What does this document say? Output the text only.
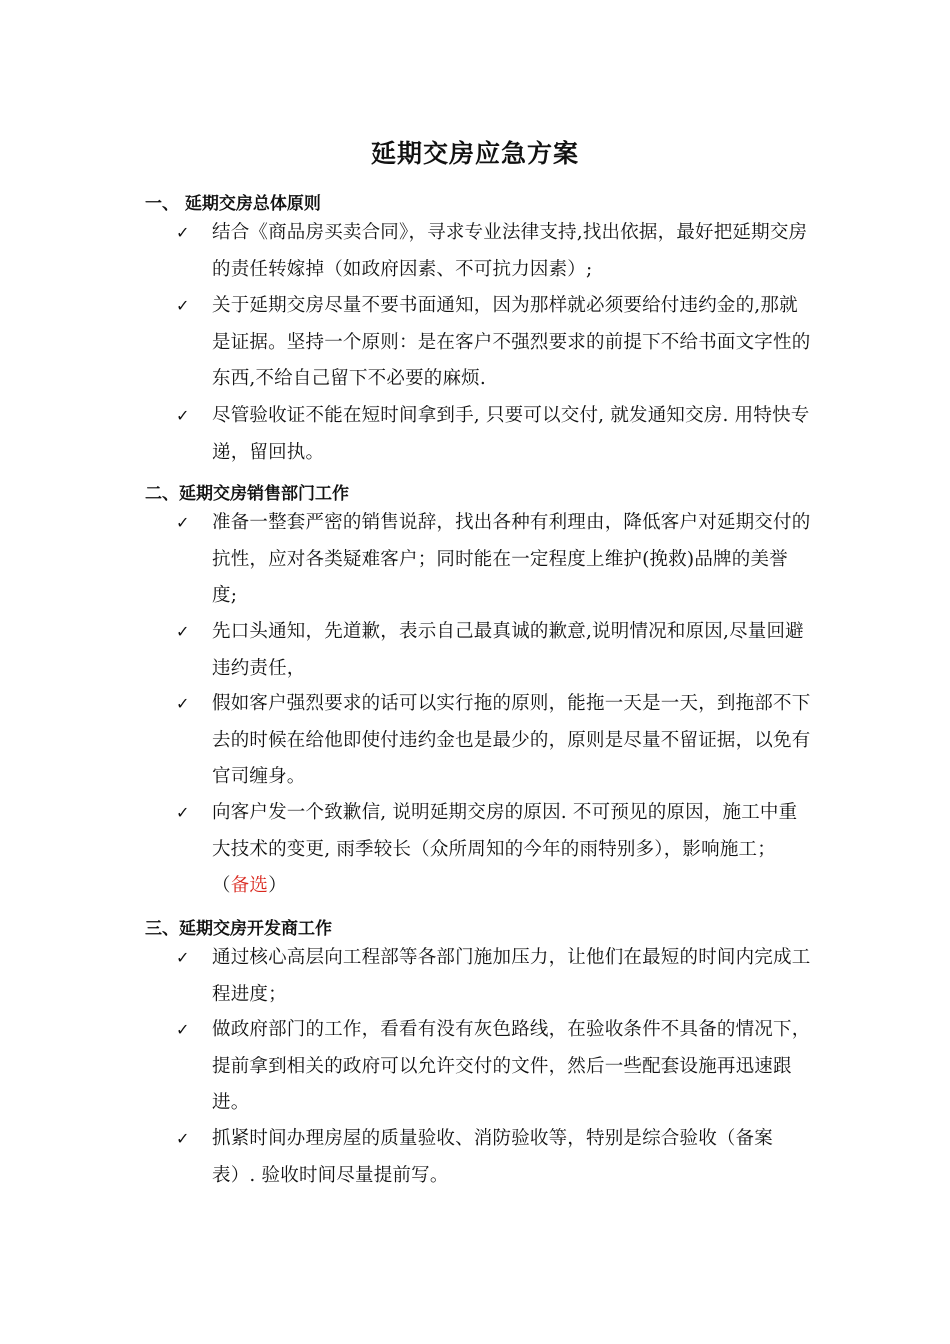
延期交房应急方案
一、 延期交房总体原则
✓ 结合《商品房买卖合同》，寻求专业法律支持,找出依据，最好把延期交房的责任转嫁掉（如政府因素、不可抗力因素）;
✓ 关于延期交房尽量不要书面通知，因为那样就必须要给付违约金的,那就是证据。坚持一个原则：是在客户不强烈要求的前提下不给书面文字性的东西,不给自己留下不必要的麻烦.
✓ 尽管验收证不能在短时间拿到手, 只要可以交付, 就发通知交房. 用特快专递，留回执。
二、延期交房销售部门工作
✓ 准备一整套严密的销售说辞，找出各种有利理由，降低客户对延期交付的抗性，应对各类疑难客户；同时能在一定程度上维护(挽救)品牌的美誉度;
✓ 先口头通知，先道歉，表示自己最真诚的歉意,说明情况和原因,尽量回避违约责任，
✓ 假如客户强烈要求的话可以实行拖的原则，能拖一天是一天，到拖部不下去的时候在给他即使付违约金也是最少的，原则是尽量不留证据，以免有官司缠身。
✓ 向客户发一个致歉信, 说明延期交房的原因. 不可预见的原因，施工中重大技术的变更, 雨季较长（众所周知的今年的雨特别多），影响施工；
（备选）
三、延期交房开发商工作
✓ 通过核心高层向工程部等各部门施加压力，让他们在最短的时间内完成工程进度；
✓ 做政府部门的工作，看看有没有灰色路线，在验收条件不具备的情况下，提前拿到相关的政府可以允许交付的文件，然后一些配套设施再迅速跟进。
✓ 抓紧时间办理房屋的质量验收、消防验收等，特别是综合验收（备案表）. 验收时间尽量提前写。
